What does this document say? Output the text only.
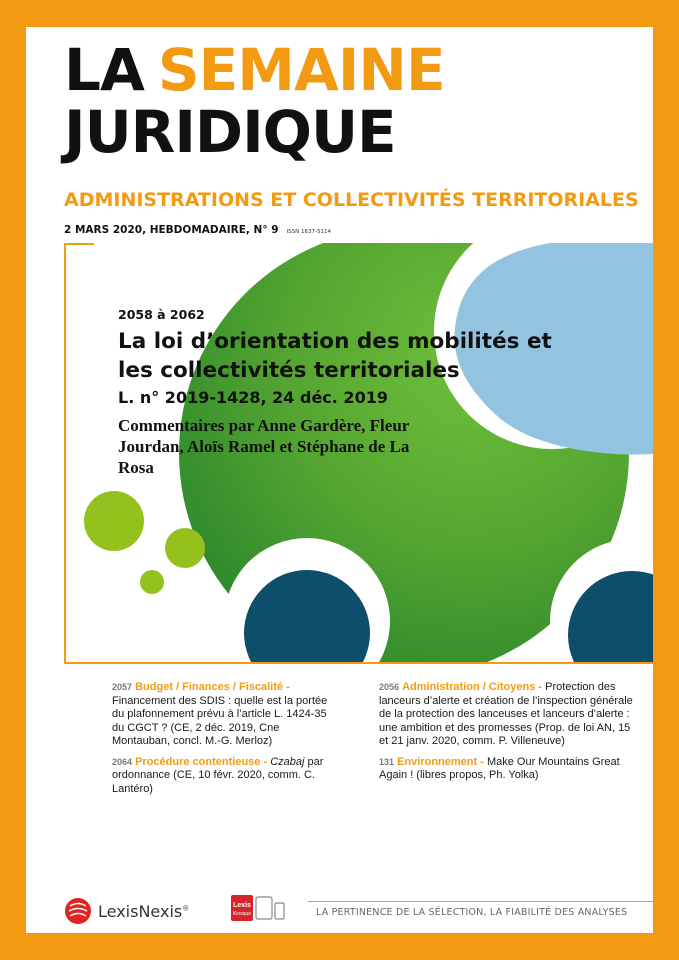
LA SEMAINE
JURIDIQUE
ADMINISTRATIONS ET COLLECTIVITÉS TERRITORIALES
2 MARS 2020, HEBDOMADAIRE, N° 9 ISSN 1637-5114
2058 à 2062
La loi d’orientation des mobilités et les collectivités territoriales
L. n° 2019-1428, 24 déc. 2019
Commentaires par Anne Gardère, Fleur Jourdan, Aloïs Ramel et Stéphane de La Rosa
2057 Budget / Finances / Fiscalité - Financement des SDIS : quelle est la portée du plafonnement prévu à l’article L. 1424-35 du CGCT ? (CE, 2 déc. 2019, Cne Montauban, concl. M.-G. Merloz)
2064 Procédure contentieuse - Czabaj par ordonnance (CE, 10 févr. 2020, comm. C. Lantéro)
2056 Administration / Citoyens - Protection des lanceurs d’alerte et création de l’inspection générale de la protection des lanceuses et lanceurs d’alerte : une ambition et des promesses (Prop. de loi AN, 15 et 21 janv. 2020, comm. P. Villeneuve)
131 Environnement - Make Our Mountains Great Again ! (libres propos, Ph. Yolka)
LexisNexis®	Lexis
Kiosque	LA PERTINENCE DE LA SÉLECTION, LA FIABILITÉ DES ANALYSES
